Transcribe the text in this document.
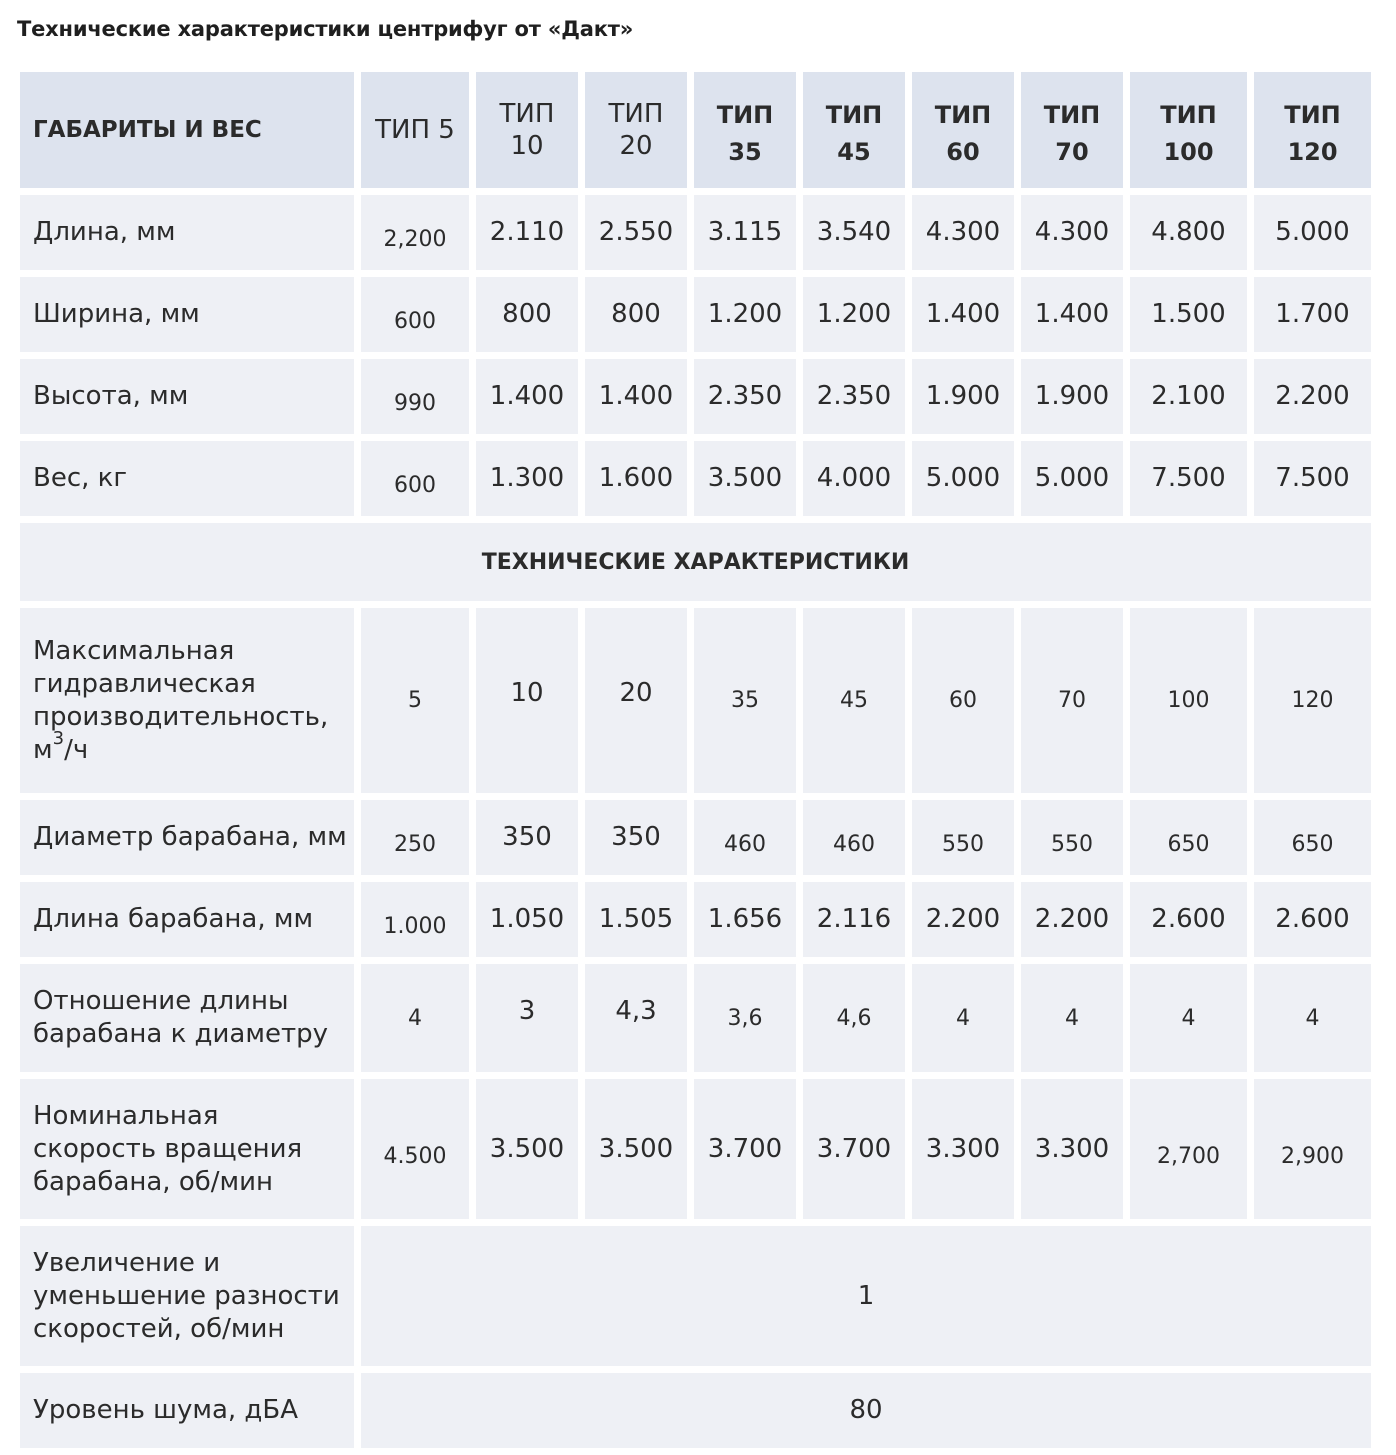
Технические характеристики центрифуг от «Дакт»
ГАБАРИТЫ И ВЕС	ТИП 5	ТИП 10	ТИП 20	ТИП 35	ТИП 45	ТИП 60	ТИП 70	ТИП 100	ТИП 120
Длина, мм	2,200	2.110	2.550	3.115	3.540	4.300	4.300	4.800	5.000
Ширина, мм	600	800	800	1.200	1.200	1.400	1.400	1.500	1.700
Высота, мм	990	1.400	1.400	2.350	2.350	1.900	1.900	2.100	2.200
Вес, кг	600	1.300	1.600	3.500	4.000	5.000	5.000	7.500	7.500
ТЕХНИЧЕСКИЕ ХАРАКТЕРИСТИКИ									
Максимальная гидравлическая производительность, $м^3/ч$	5	10	20	35	45	60	70	100	120
Диаметр барабана, мм	250	350	350	460	460	550	550	650	650
Длина барабана, мм	1.000	1.050	1.505	1.656	2.116	2.200	2.200	2.600	2.600
Отношение длины барабана к диаметру	4	3	4,3	3,6	4,6	4	4	4	4
Номинальная скорость вращения барабана, об/мин	4.500	3.500	3.500	3.700	3.700	3.300	3.300	2,700	2,900
Увеличение и уменьшение разности скоростей, об/мин	1								
Уровень шума, дБА	80								
